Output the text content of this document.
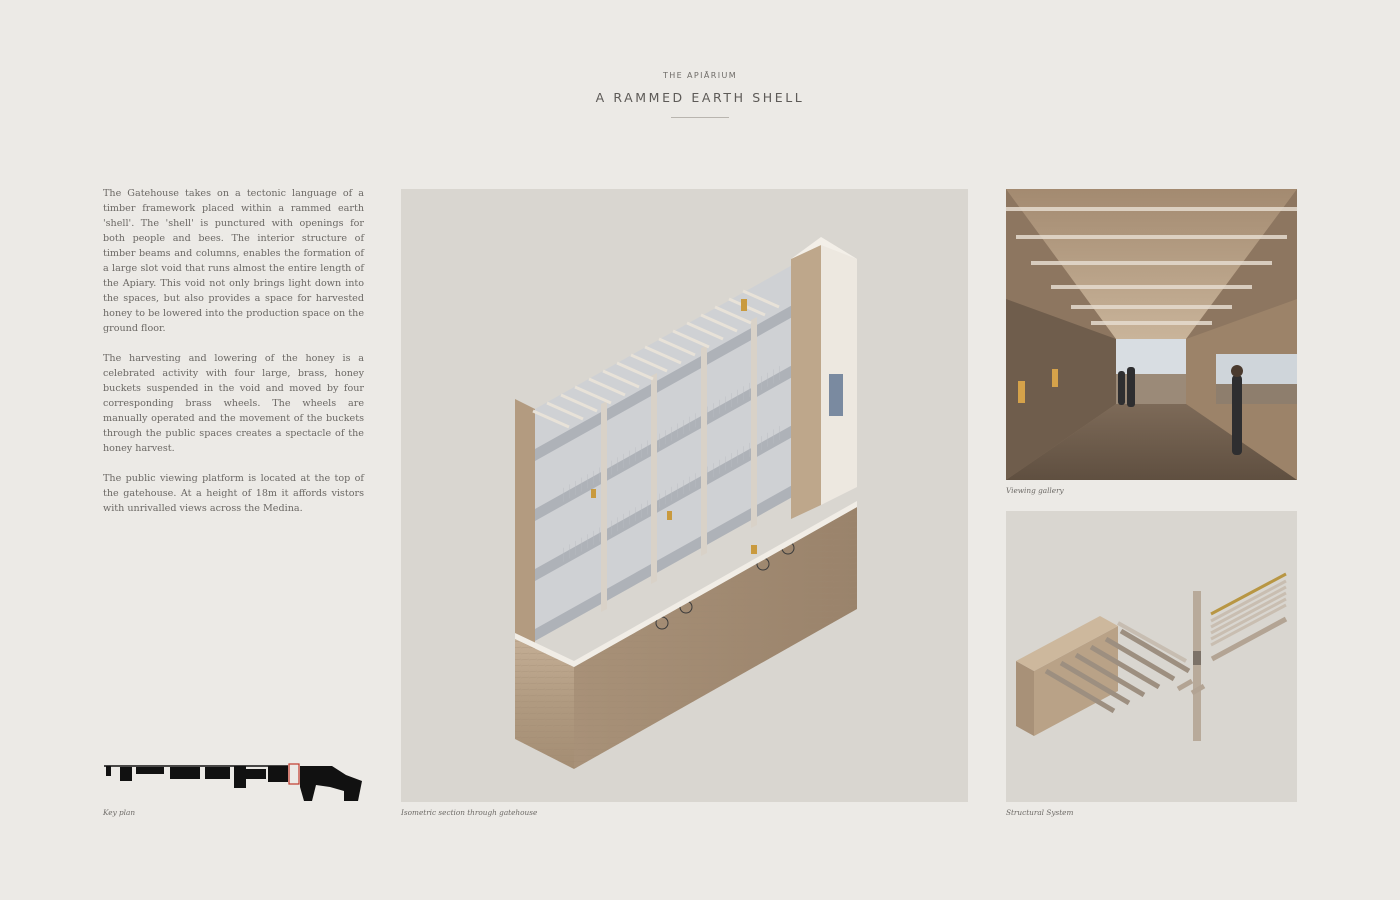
THE APIĀRIUM
A RAMMED EARTH SHELL

The Gatehouse takes on a tectonic language of a timber framework placed within a rammed earth 'shell'. The 'shell' is punctured with openings for both people and bees. The interior structure of timber beams and columns, enables the formation of a large slot void that runs almost the entire length of the Apiary. This void not only brings light down into the spaces, but also provides a space for harvested honey to be lowered into the production space on the ground floor.

The harvesting and lowering of the honey is a celebrated activity with four large, brass, honey buckets suspended in the void and moved by four corresponding brass wheels. The wheels are manually operated and the movement of the buckets through the public spaces creates a spectacle of the honey harvest.

The public viewing platform is located at the top of the gatehouse. At a height of 18m it affords vistors with unrivalled views across the Medina.

Key plan	Isometric section through gatehouse
Viewing gallery
Structural System
